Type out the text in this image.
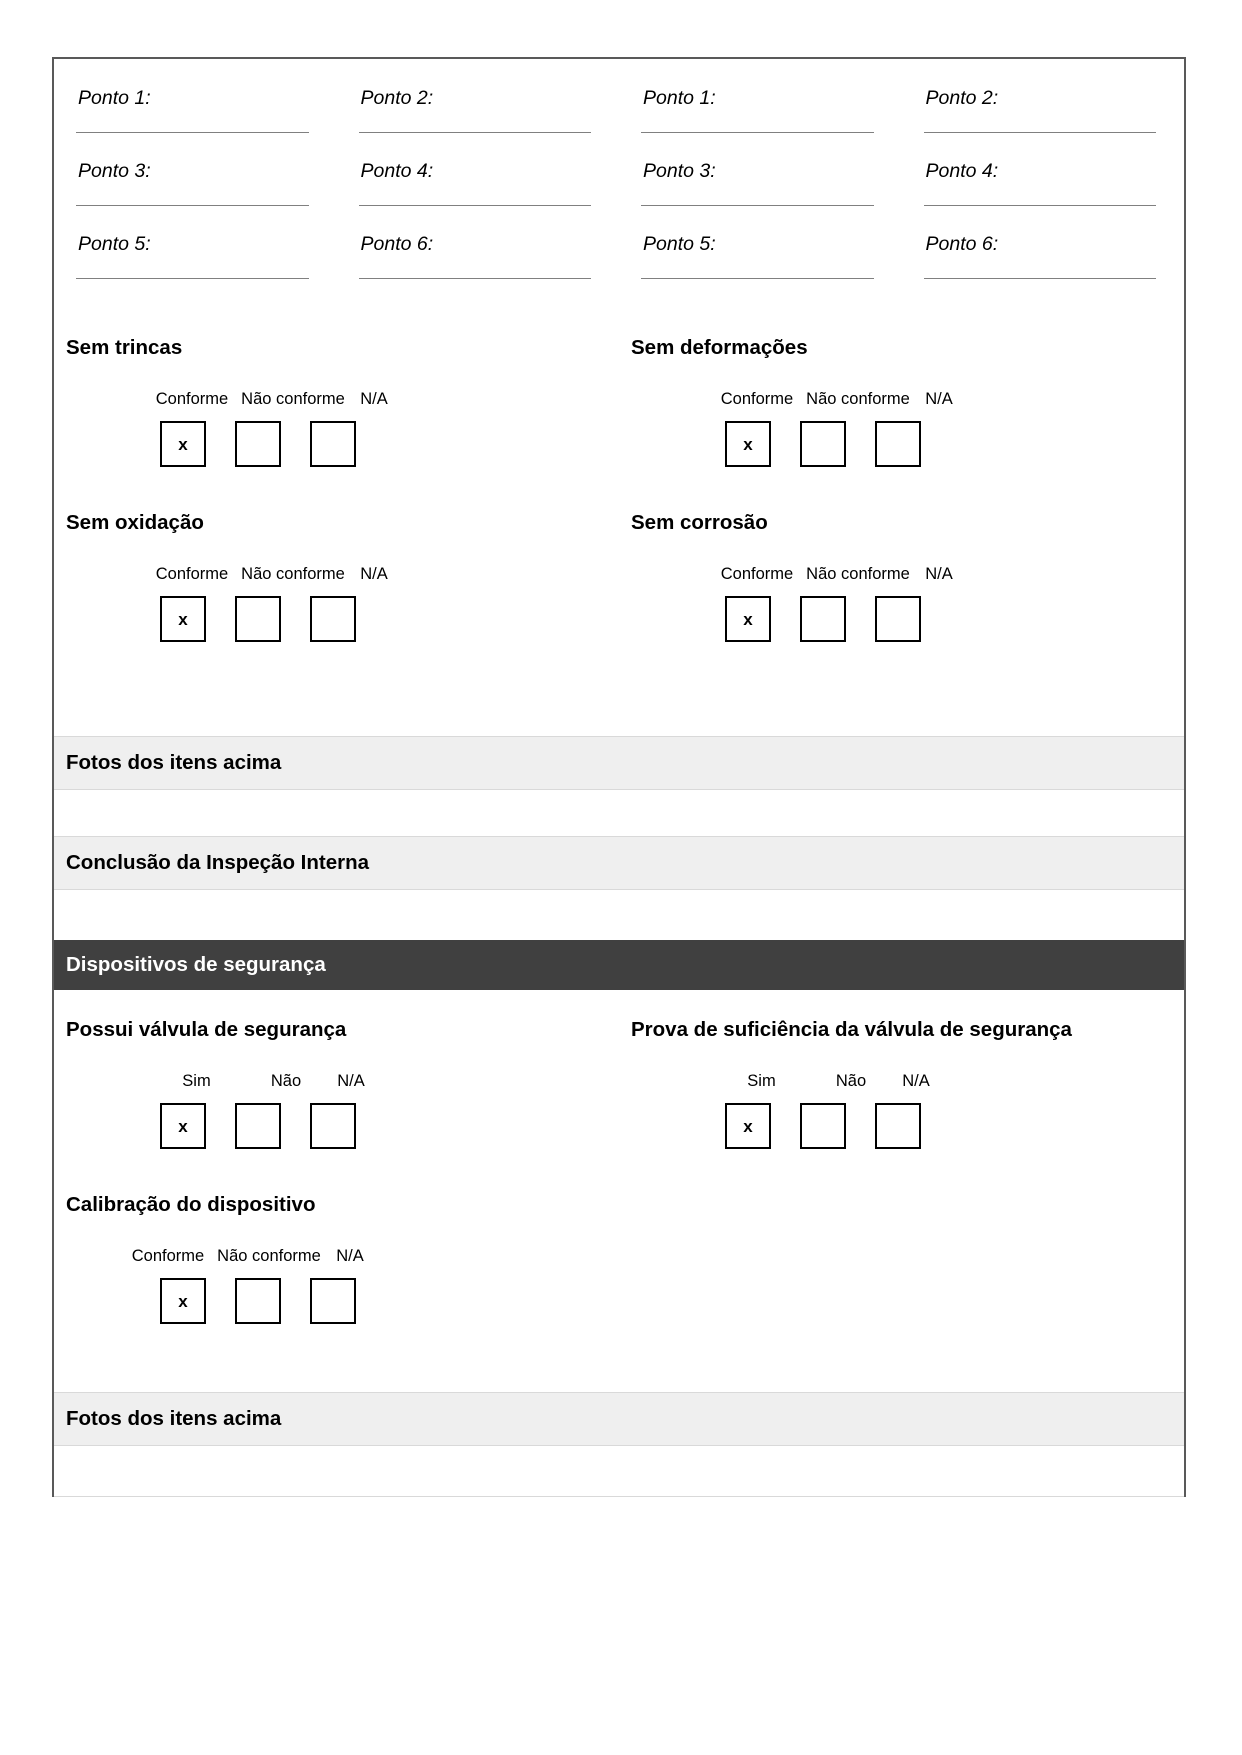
Ponto 1:	Ponto 2:	Ponto 1:	Ponto 2:
Ponto 3:	Ponto 4:	Ponto 3:	Ponto 4:
Ponto 5:	Ponto 6:	Ponto 5:	Ponto 6:
Sem trincas
Conforme Não conforme N/A
x
Sem deformações
Conforme Não conforme N/A
x
Sem oxidação
Conforme Não conforme N/A
x
Sem corrosão
Conforme Não conforme N/A
x
Fotos dos itens acima
Conclusão da Inspeção Interna
Dispositivos de segurança
Possui válvula de segurança
Sim	Não	N/A
x
Prova de suficiência da válvula de segurança
Sim	Não	N/A
x
Calibração do dispositivo
Conforme Não conforme N/A
x
Fotos dos itens acima
